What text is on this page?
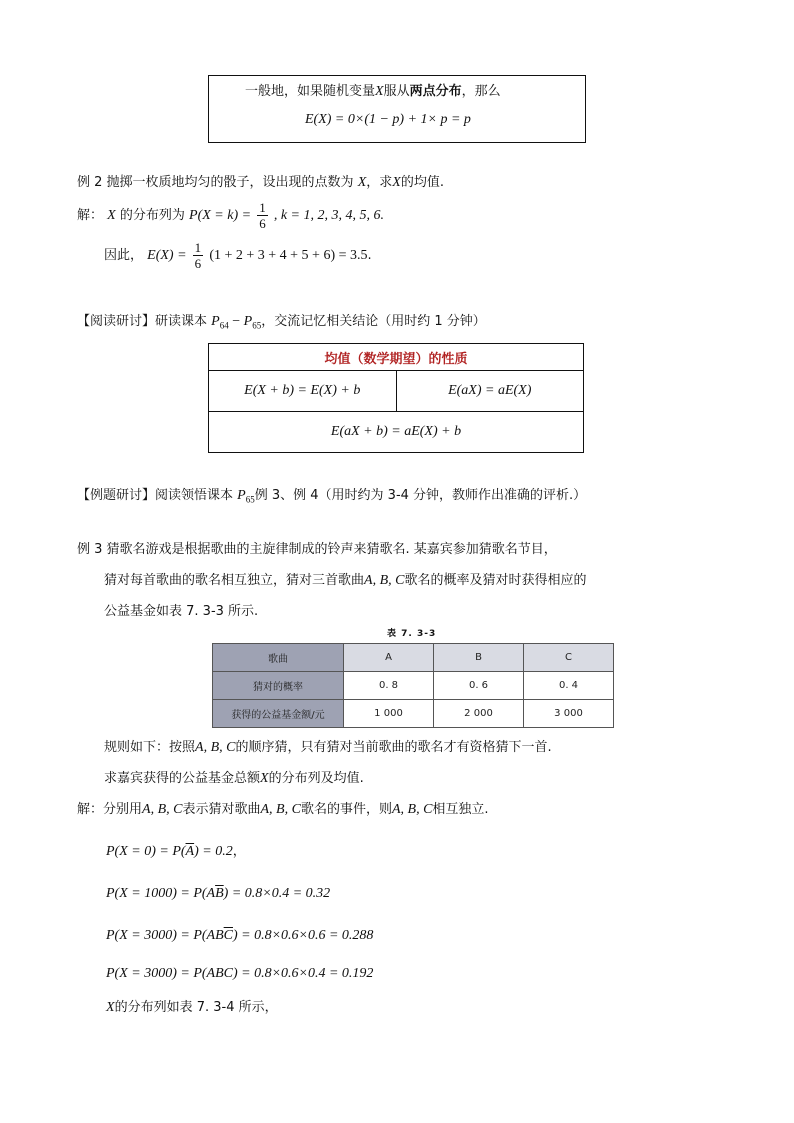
一般地，如果随机变量X服从两点分布，那么
E(X) = 0×(1 − p) + 1× p = p
例 2 抛掷一枚质地均匀的骰子，设出现的点数为 X，求X的均值.
解： X 的分布列为 $P(X = k) = \frac{1}{6}$ , k = 1, 2, 3, 4, 5, 6.
因此， $E(X) = \frac{1}{6} (1 + 2 + 3 + 4 + 5 + 6) = 3.5$.
【阅读研讨】研读课本 $P_{64} - P_{65}$，交流记忆相关结论（用时约 1 分钟）
均值（数学期望）的性质
E(X + b) = E(X) + b	E(aX) = aE(X)
E(aX + b) = aE(X) + b
【例题研讨】阅读领悟课本 $P_{65}$例 3、例 4（用时约为 3-4 分钟，教师作出准确的评析.）
例 3 猜歌名游戏是根据歌曲的主旋律制成的铃声来猜歌名. 某嘉宾参加猜歌名节目，
猜对每首歌曲的歌名相互独立，猜对三首歌曲A, B, C歌名的概率及猜对时获得相应的
公益基金如表 7. 3-3 所示.
表 7. 3-3
歌曲	A	B	C
猜对的概率	0. 8	0. 6	0. 4
获得的公益基金额/元	1 000	2 000	3 000
规则如下：按照A, B, C的顺序猜，只有猜对当前歌曲的歌名才有资格猜下一首.
求嘉宾获得的公益基金总额X的分布列及均值.
解：分别用A, B, C表示猜对歌曲A, B, C歌名的事件，则A, B, C相互独立.
$P(X = 0) = P(\overline{A}) = 0.2$，
$P(X = 1000) = P(A\overline{B}) = 0.8\times 0.4 = 0.32$
$P(X = 3000) = P(AB\overline{C}) = 0.8\times 0.6\times 0.6 = 0.288$
P(X = 3000) = P(ABC) = 0.8×0.6×0.4 = 0.192
X的分布列如表 7. 3-4 所示，
